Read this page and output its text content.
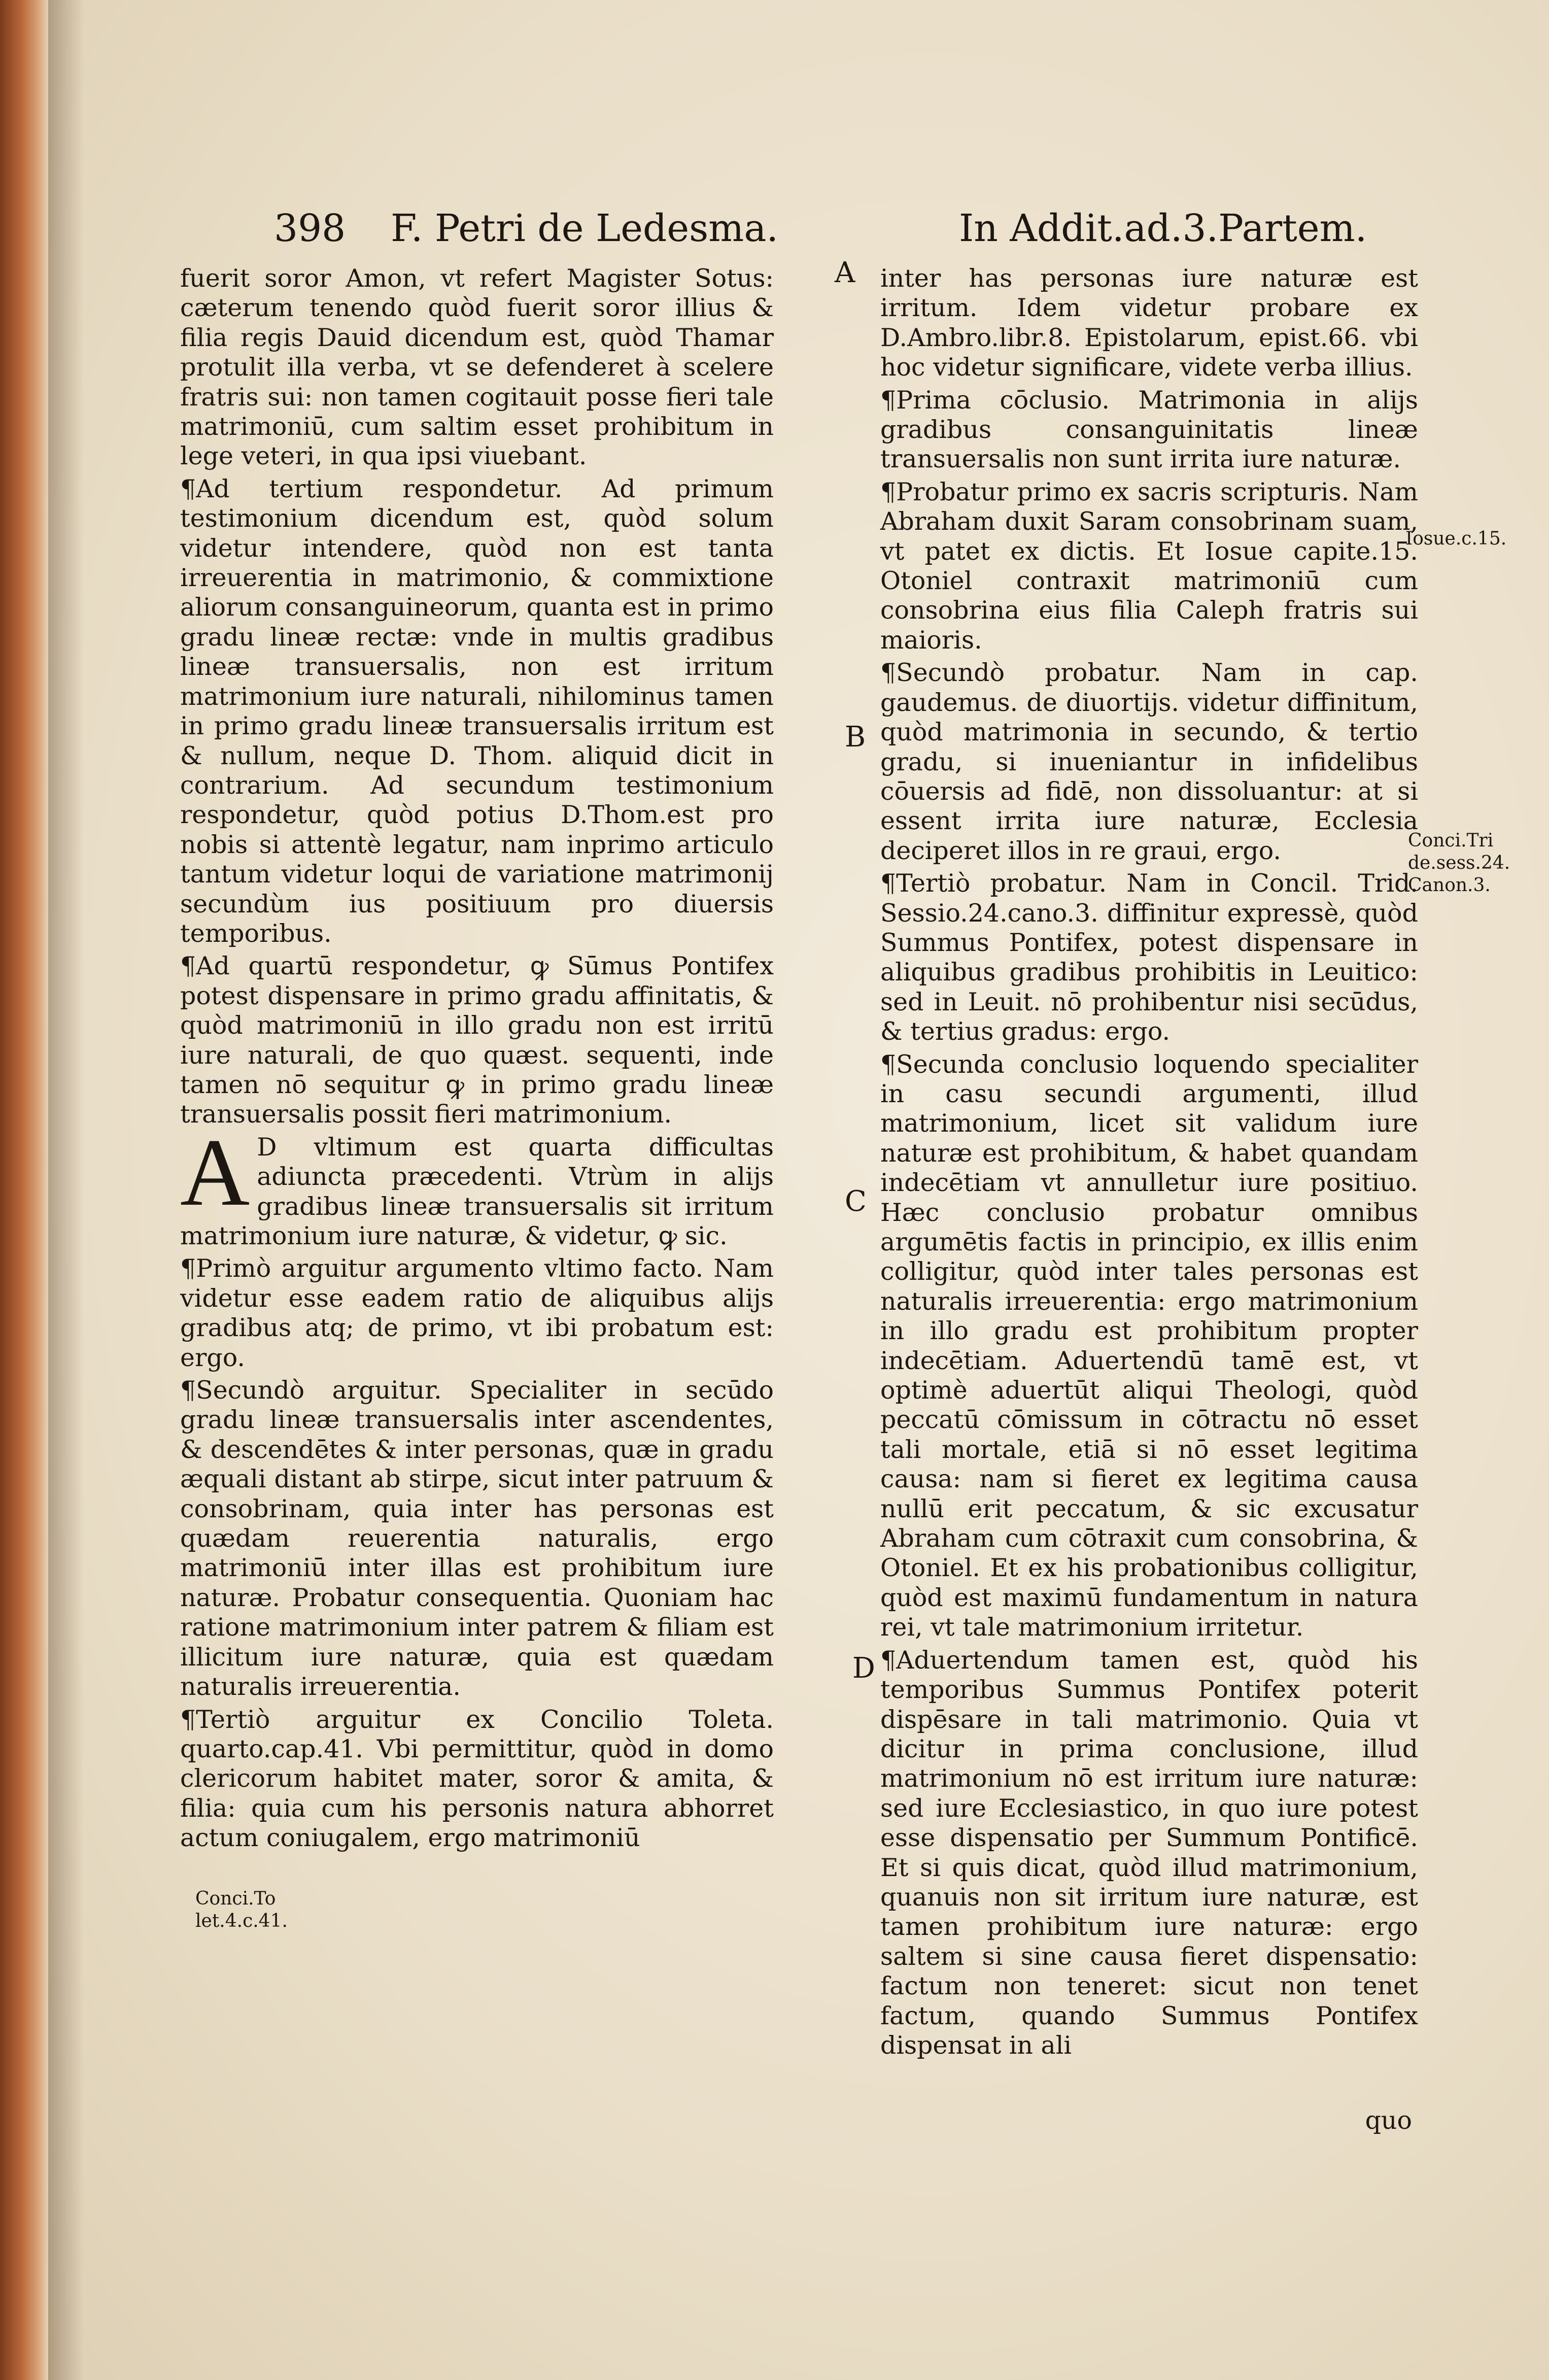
398 F. Petri de Ledesma.	In Addit.ad.3.Partem.

fuerit soror Amon, vt refert Magister Sotus: cæterum tenendo quòd fuerit soror illius & filia regis Dauid dicendum est, quòd Thamar protulit illa verba, vt se defenderet à scelere fratris sui: non tamen cogitauit posse fieri tale matrimoniū, cum saltim esset prohibitum in lege veteri, in qua ipsi viuebant.

¶Ad tertium respondetur. Ad primum testimonium dicendum est, quòd solum videtur intendere, quòd non est tanta irreuerentia in matrimonio, & commixtione aliorum consanguineorum, quanta est in primo gradu lineæ rectæ: vnde in multis gradibus lineæ transuersalis, non est irritum matrimonium iure naturali, nihilominus tamen in primo gradu lineæ transuersalis irritum est & nullum, neque D. Thom. aliquid dicit in contrarium. Ad secundum testimonium respondetur, quòd potius D.Thom.est pro nobis si attentè legatur, nam inprimo articulo tantum videtur loqui de variatione matrimonij secundùm ius positiuum pro diuersis temporibus.

¶Ad quartū respondetur, ꝙ Sūmus Pontifex potest dispensare in primo gradu affinitatis, & quòd matrimoniū in illo gradu non est irritū iure naturali, de quo quæst. sequenti, inde tamen nō sequitur ꝙ in primo gradu lineæ transuersalis possit fieri matrimonium.

A D vltimum est quarta difficultas adiuncta præcedenti. Vtrùm in alijs gradibus lineæ transuersalis sit irritum matrimonium iure naturæ, & videtur, ꝙ sic.

¶Primò arguitur argumento vltimo facto. Nam videtur esse eadem ratio de aliquibus alijs gradibus atq; de primo, vt ibi probatum est: ergo.

¶Secundò arguitur. Specialiter in secūdo gradu lineæ transuersalis inter ascendentes, & descendētes & inter personas, quæ in gradu æquali distant ab stirpe, sicut inter patruum & consobrinam, quia inter has personas est quædam reuerentia naturalis, ergo matrimoniū inter illas est prohibitum iure naturæ. Probatur consequentia. Quoniam hac ratione matrimonium inter patrem & filiam est illicitum iure naturæ, quia est quædam naturalis irreuerentia.

¶Tertiò arguitur ex Concilio Toleta. quarto.cap.41. Vbi permittitur, quòd in domo clericorum habitet mater, soror & amita, & filia: quia cum his personis natura abhorret actum coniugalem, ergo matrimoniū

inter has personas iure naturæ est irritum. Idem videtur probare ex D.Ambro.libr.8. Epistolarum, epist.66. vbi hoc videtur significare, videte verba illius.

¶Prima cōclusio. Matrimonia in alijs gradibus consanguinitatis lineæ transuersalis non sunt irrita iure naturæ.

¶Probatur primo ex sacris scripturis. Nam Abraham duxit Saram consobrinam suam, vt patet ex dictis. Et Iosue capite.15. Otoniel contraxit matrimoniū cum consobrina eius filia Caleph fratris sui maioris.

¶Secundò probatur. Nam in cap. gaudemus. de diuortijs. videtur diffinitum, quòd matrimonia in secundo, & tertio gradu, si inueniantur in infidelibus cōuersis ad fidē, non dissoluantur: at si essent irrita iure naturæ, Ecclesia deciperet illos in re graui, ergo.

¶Tertiò probatur. Nam in Concil. Trid. Sessio.24.cano.3. diffinitur expressè, quòd Summus Pontifex, potest dispensare in aliquibus gradibus prohibitis in Leuitico: sed in Leuit. nō prohibentur nisi secūdus, & tertius gradus: ergo.

¶Secunda conclusio loquendo specialiter in casu secundi argumenti, illud matrimonium, licet sit validum iure naturæ est prohibitum, & habet quandam indecētiam vt annulletur iure positiuo. Hæc conclusio probatur omnibus argumētis factis in principio, ex illis enim colligitur, quòd inter tales personas est naturalis irreuerentia: ergo matrimonium in illo gradu est prohibitum propter indecētiam. Aduertendū tamē est, vt optimè aduertūt aliqui Theologi, quòd peccatū cōmissum in cōtractu nō esset tali mortale, etiā si nō esset legitima causa: nam si fieret ex legitima causa nullū erit peccatum, & sic excusatur Abraham cum cōtraxit cum consobrina, & Otoniel. Et ex his probationibus colligitur, quòd est maximū fundamentum in natura rei, vt tale matrimonium irritetur.

¶Aduertendum tamen est, quòd his temporibus Summus Pontifex poterit dispēsare in tali matrimonio. Quia vt dicitur in prima conclusione, illud matrimonium nō est irritum iure naturæ: sed iure Ecclesiastico, in quo iure potest esse dispensatio per Summum Pontificē. Et si quis dicat, quòd illud matrimonium, quanuis non sit irritum iure naturæ, est tamen prohibitum iure naturæ: ergo saltem si sine causa fieret dispensatio: factum non teneret: sicut non tenet factum, quando Summus Pontifex dispensat in ali

A
B
C
D
Iosue.c.15.
Conci.Tri
de.sess.24.
Canon.3.
Conci.To
let.4.c.41.
quo
